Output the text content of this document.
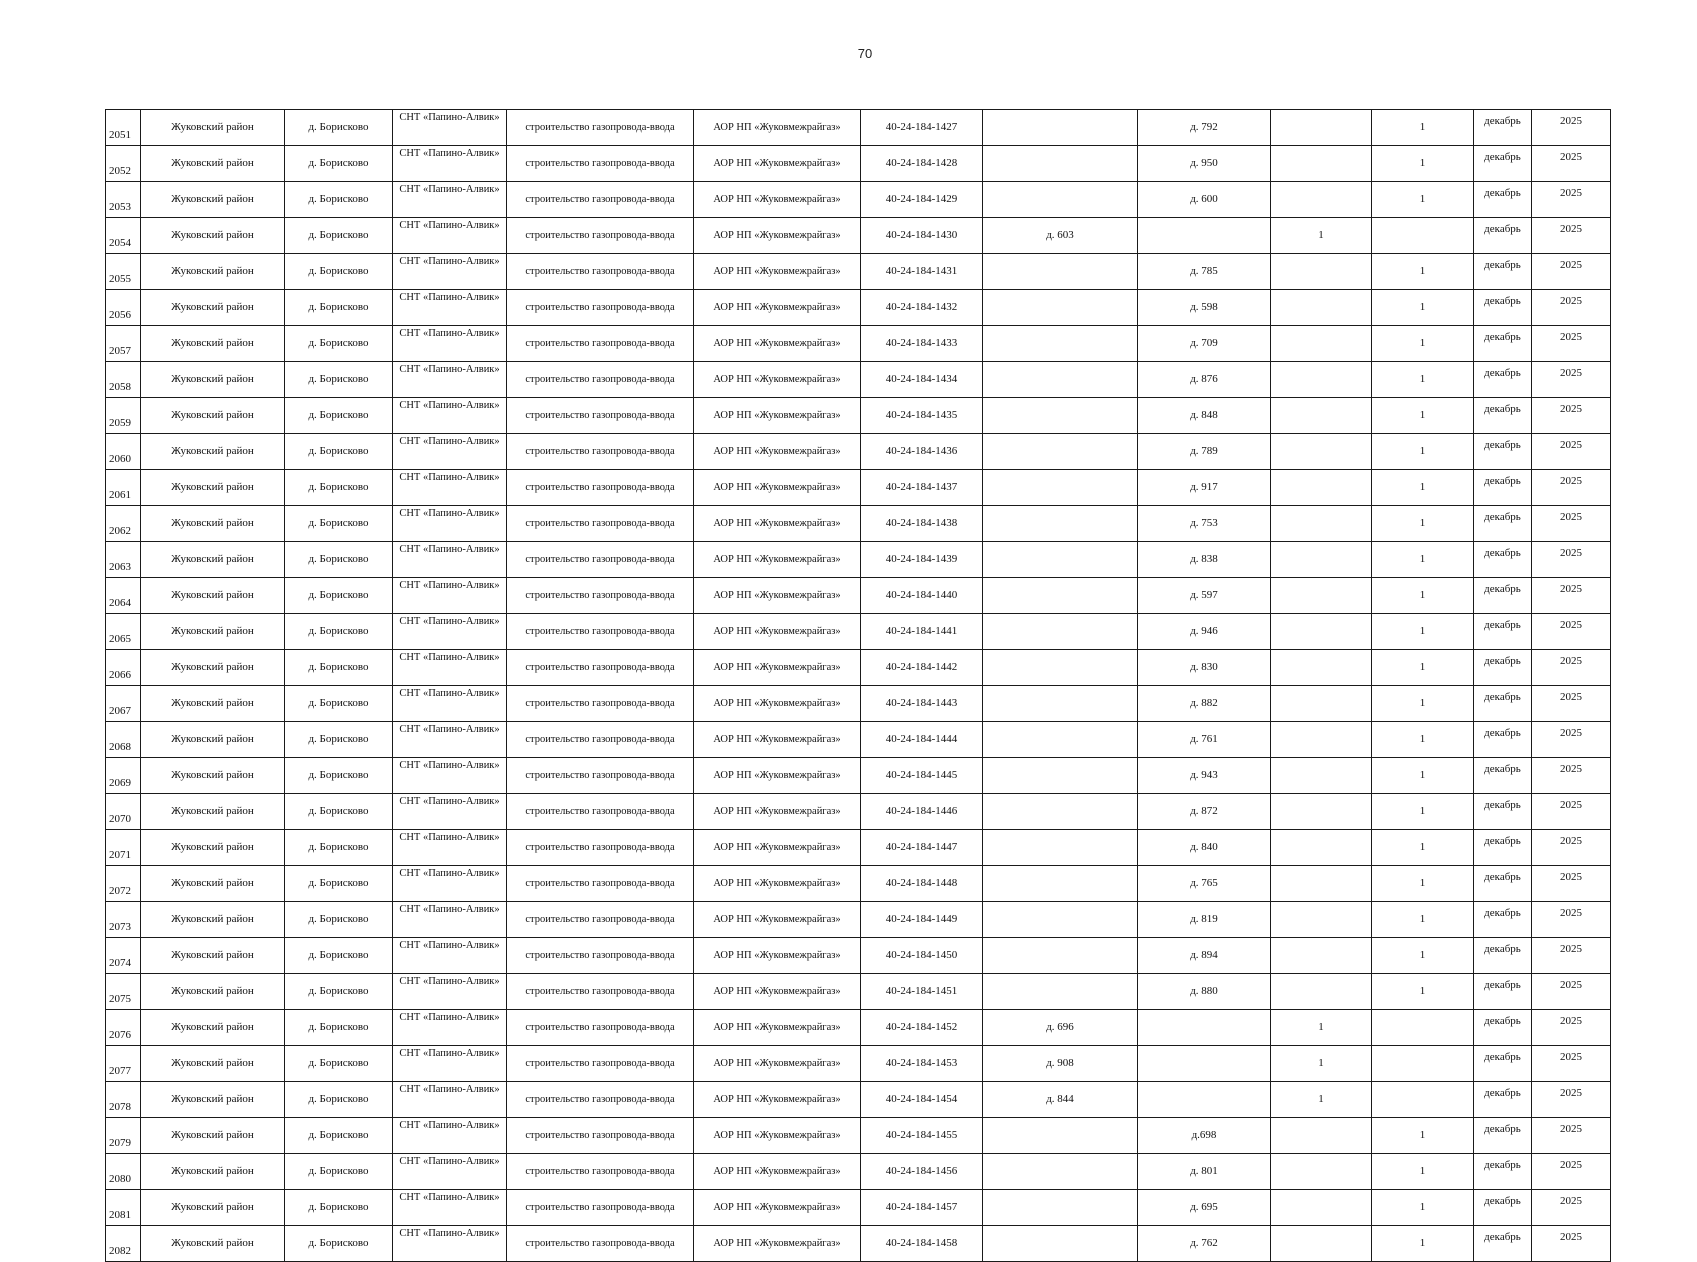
70
2051	Жуковский район	д. Борисково	СНТ «Папино-Алвик»	строительство газопровода-ввода	АОР НП «Жуковмежрайгаз»	40-24-184-1427		д. 792		1	декабрь	2025
2052	Жуковский район	д. Борисково	СНТ «Папино-Алвик»	строительство газопровода-ввода	АОР НП «Жуковмежрайгаз»	40-24-184-1428		д. 950		1	декабрь	2025
2053	Жуковский район	д. Борисково	СНТ «Папино-Алвик»	строительство газопровода-ввода	АОР НП «Жуковмежрайгаз»	40-24-184-1429		д. 600		1	декабрь	2025
2054	Жуковский район	д. Борисково	СНТ «Папино-Алвик»	строительство газопровода-ввода	АОР НП «Жуковмежрайгаз»	40-24-184-1430	д. 603		1		декабрь	2025
2055	Жуковский район	д. Борисково	СНТ «Папино-Алвик»	строительство газопровода-ввода	АОР НП «Жуковмежрайгаз»	40-24-184-1431		д. 785		1	декабрь	2025
2056	Жуковский район	д. Борисково	СНТ «Папино-Алвик»	строительство газопровода-ввода	АОР НП «Жуковмежрайгаз»	40-24-184-1432		д. 598		1	декабрь	2025
2057	Жуковский район	д. Борисково	СНТ «Папино-Алвик»	строительство газопровода-ввода	АОР НП «Жуковмежрайгаз»	40-24-184-1433		д. 709		1	декабрь	2025
2058	Жуковский район	д. Борисково	СНТ «Папино-Алвик»	строительство газопровода-ввода	АОР НП «Жуковмежрайгаз»	40-24-184-1434		д. 876		1	декабрь	2025
2059	Жуковский район	д. Борисково	СНТ «Папино-Алвик»	строительство газопровода-ввода	АОР НП «Жуковмежрайгаз»	40-24-184-1435		д. 848		1	декабрь	2025
2060	Жуковский район	д. Борисково	СНТ «Папино-Алвик»	строительство газопровода-ввода	АОР НП «Жуковмежрайгаз»	40-24-184-1436		д. 789		1	декабрь	2025
2061	Жуковский район	д. Борисково	СНТ «Папино-Алвик»	строительство газопровода-ввода	АОР НП «Жуковмежрайгаз»	40-24-184-1437		д. 917		1	декабрь	2025
2062	Жуковский район	д. Борисково	СНТ «Папино-Алвик»	строительство газопровода-ввода	АОР НП «Жуковмежрайгаз»	40-24-184-1438		д. 753		1	декабрь	2025
2063	Жуковский район	д. Борисково	СНТ «Папино-Алвик»	строительство газопровода-ввода	АОР НП «Жуковмежрайгаз»	40-24-184-1439		д. 838		1	декабрь	2025
2064	Жуковский район	д. Борисково	СНТ «Папино-Алвик»	строительство газопровода-ввода	АОР НП «Жуковмежрайгаз»	40-24-184-1440		д. 597		1	декабрь	2025
2065	Жуковский район	д. Борисково	СНТ «Папино-Алвик»	строительство газопровода-ввода	АОР НП «Жуковмежрайгаз»	40-24-184-1441		д. 946		1	декабрь	2025
2066	Жуковский район	д. Борисково	СНТ «Папино-Алвик»	строительство газопровода-ввода	АОР НП «Жуковмежрайгаз»	40-24-184-1442		д. 830		1	декабрь	2025
2067	Жуковский район	д. Борисково	СНТ «Папино-Алвик»	строительство газопровода-ввода	АОР НП «Жуковмежрайгаз»	40-24-184-1443		д. 882		1	декабрь	2025
2068	Жуковский район	д. Борисково	СНТ «Папино-Алвик»	строительство газопровода-ввода	АОР НП «Жуковмежрайгаз»	40-24-184-1444		д. 761		1	декабрь	2025
2069	Жуковский район	д. Борисково	СНТ «Папино-Алвик»	строительство газопровода-ввода	АОР НП «Жуковмежрайгаз»	40-24-184-1445		д. 943		1	декабрь	2025
2070	Жуковский район	д. Борисково	СНТ «Папино-Алвик»	строительство газопровода-ввода	АОР НП «Жуковмежрайгаз»	40-24-184-1446		д. 872		1	декабрь	2025
2071	Жуковский район	д. Борисково	СНТ «Папино-Алвик»	строительство газопровода-ввода	АОР НП «Жуковмежрайгаз»	40-24-184-1447		д. 840		1	декабрь	2025
2072	Жуковский район	д. Борисково	СНТ «Папино-Алвик»	строительство газопровода-ввода	АОР НП «Жуковмежрайгаз»	40-24-184-1448		д. 765		1	декабрь	2025
2073	Жуковский район	д. Борисково	СНТ «Папино-Алвик»	строительство газопровода-ввода	АОР НП «Жуковмежрайгаз»	40-24-184-1449		д. 819		1	декабрь	2025
2074	Жуковский район	д. Борисково	СНТ «Папино-Алвик»	строительство газопровода-ввода	АОР НП «Жуковмежрайгаз»	40-24-184-1450		д. 894		1	декабрь	2025
2075	Жуковский район	д. Борисково	СНТ «Папино-Алвик»	строительство газопровода-ввода	АОР НП «Жуковмежрайгаз»	40-24-184-1451		д. 880		1	декабрь	2025
2076	Жуковский район	д. Борисково	СНТ «Папино-Алвик»	строительство газопровода-ввода	АОР НП «Жуковмежрайгаз»	40-24-184-1452	д. 696		1		декабрь	2025
2077	Жуковский район	д. Борисково	СНТ «Папино-Алвик»	строительство газопровода-ввода	АОР НП «Жуковмежрайгаз»	40-24-184-1453	д. 908		1		декабрь	2025
2078	Жуковский район	д. Борисково	СНТ «Папино-Алвик»	строительство газопровода-ввода	АОР НП «Жуковмежрайгаз»	40-24-184-1454	д. 844		1		декабрь	2025
2079	Жуковский район	д. Борисково	СНТ «Папино-Алвик»	строительство газопровода-ввода	АОР НП «Жуковмежрайгаз»	40-24-184-1455		д.698		1	декабрь	2025
2080	Жуковский район	д. Борисково	СНТ «Папино-Алвик»	строительство газопровода-ввода	АОР НП «Жуковмежрайгаз»	40-24-184-1456		д. 801		1	декабрь	2025
2081	Жуковский район	д. Борисково	СНТ «Папино-Алвик»	строительство газопровода-ввода	АОР НП «Жуковмежрайгаз»	40-24-184-1457		д. 695		1	декабрь	2025
2082	Жуковский район	д. Борисково	СНТ «Папино-Алвик»	строительство газопровода-ввода	АОР НП «Жуковмежрайгаз»	40-24-184-1458		д. 762		1	декабрь	2025
